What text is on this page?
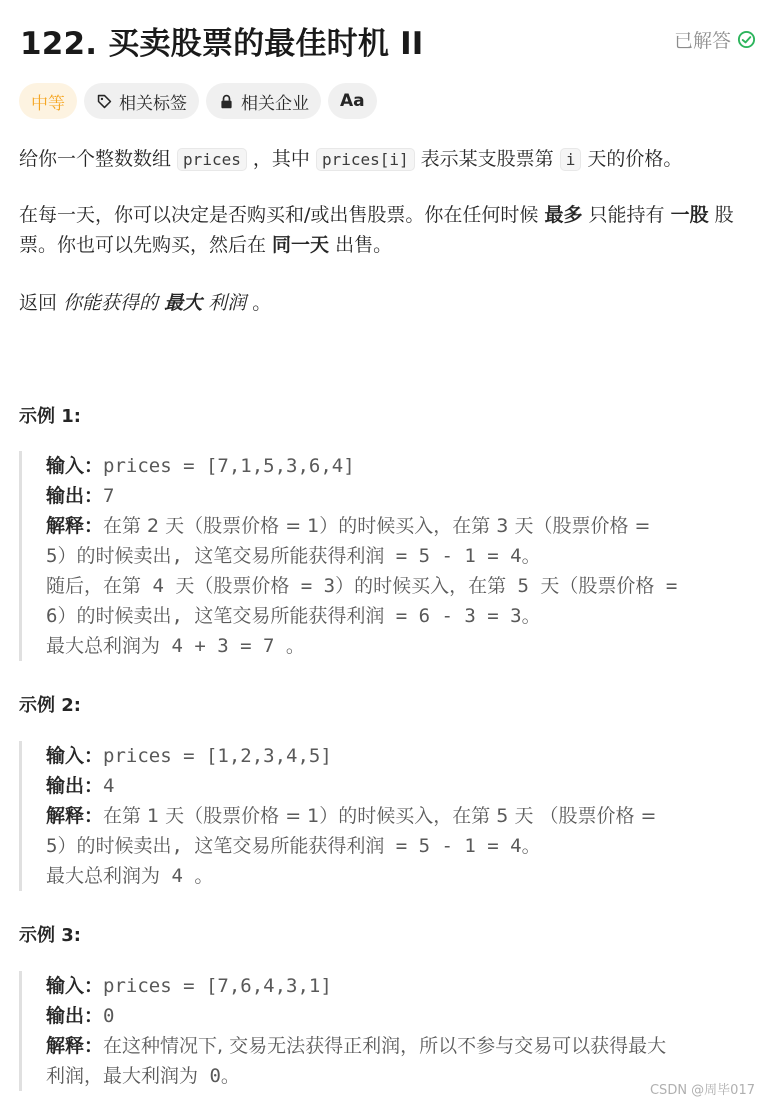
122. 买卖股票的最佳时机 II	已解答
中等	相关标签	相关企业 Aa
给你一个整数数组 prices ，其中 prices[i] 表示某支股票第 i 天的价格。
在每一天，你可以决定是否购买和/或出售股票。你在任何时候 最多 只能持有 一股 股票。你也可以先购买，然后在 同一天 出售。
返回 你能获得的 最大 利润 。
示例 1:
输入：prices = [7,1,5,3,6,4]
输出：7
解释：在第 2 天（股票价格 = 1）的时候买入，在第 3 天（股票价格 =
5）的时候卖出, 这笔交易所能获得利润 = 5 - 1 = 4。
随后，在第 4 天（股票价格 = 3）的时候买入，在第 5 天（股票价格 =
6）的时候卖出, 这笔交易所能获得利润 = 6 - 3 = 3。
最大总利润为 4 + 3 = 7 。
示例 2:
输入：prices = [1,2,3,4,5]
输出：4
解释：在第 1 天（股票价格 = 1）的时候买入，在第 5 天 （股票价格 =
5）的时候卖出, 这笔交易所能获得利润 = 5 - 1 = 4。
最大总利润为 4 。
示例 3:
输入：prices = [7,6,4,3,1]
输出：0
解释：在这种情况下, 交易无法获得正利润，所以不参与交易可以获得最大
利润，最大利润为 0。
CSDN @周毕017
